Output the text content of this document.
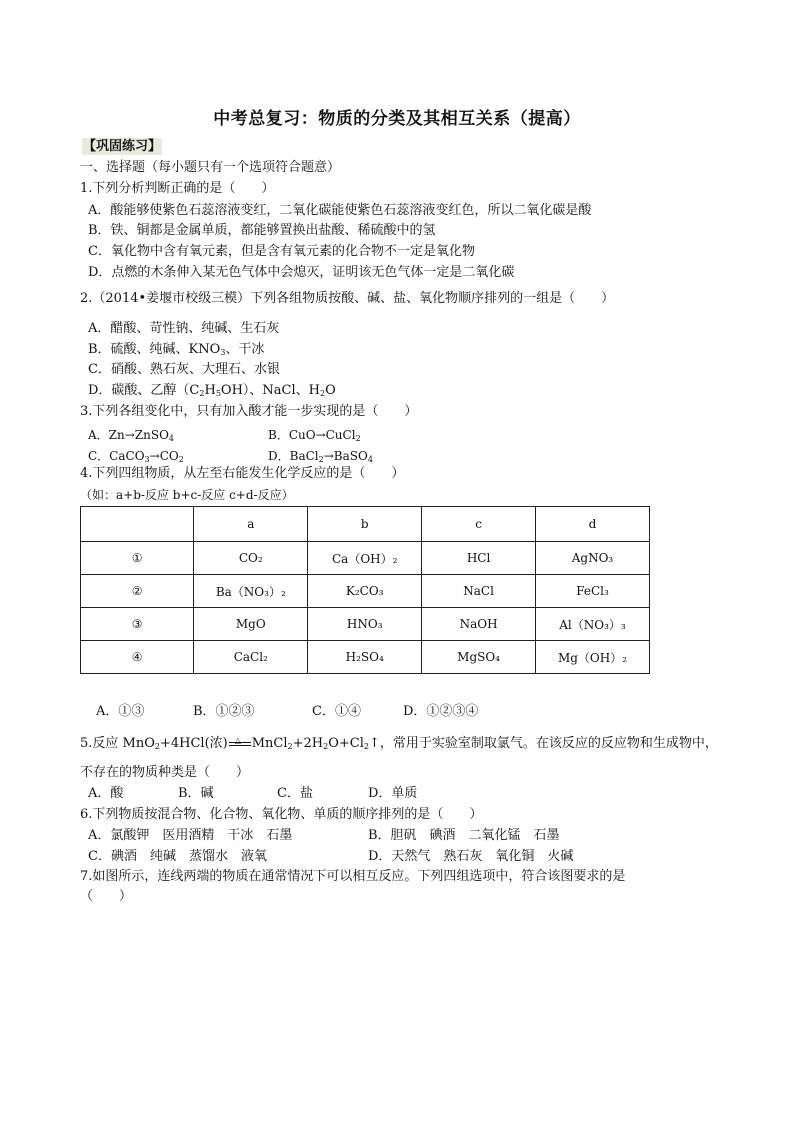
中考总复习：物质的分类及其相互关系（提高）
【巩固练习】
一、选择题（每小题只有一个选项符合题意）
1.下列分析判断正确的是（　　）
A．酸能够使紫色石蕊溶液变红，二氧化碳能使紫色石蕊溶液变红色，所以二氧化碳是酸
B．铁、铜都是金属单质，都能够置换出盐酸、稀硫酸中的氢
C．氧化物中含有氧元素，但是含有氧元素的化合物不一定是氧化物
D．点燃的木条伸入某无色气体中会熄灭，证明该无色气体一定是二氧化碳
2.（2014•姜堰市校级三模）下列各组物质按酸、碱、盐、氧化物顺序排列的一组是（　　）
A．醋酸、苛性钠、纯碱、生石灰
B．硫酸、纯碱、$KNO_3$、干冰
C．硝酸、熟石灰、大理石、水银
D．碳酸、乙醇$(C_2H_5OH)$、NaCl、$H_2O$
3.下列各组变化中，只有加入酸才能一步实现的是（　　）
A．Zn→ZnSO$_4$	B．CuO→CuCl$_2$
C．$CaCO_3\to CO_2$	D．BaCl$_2$→BaSO$_4$
4.下列四组物质，从左至右能发生化学反应的是（　　）
（如：a+b-反应 b+c-反应 c+d-反应）
	a	b	c	d
①	CO₂	Ca（OH）₂	HCl	AgNO₃
②	Ba（NO₃）₂	K₂CO₃	NaCl	FeCl₃
③	MgO	HNO₃	NaOH	Al（NO₃）₃
④	CaCl₂	H₂SO₄	MgSO₄	Mg（OH）₂
A．①③	B．①②③	C．①④	D．①②③④
5.反应 MnO$_2$+4HCl(浓) △ $MnCl_2+2H_2O+Cl_2↑$，常用于实验室制取氯气。在该反应的反应物和生成物中，
不存在的物质种类是（　　）
A．酸	B．碱	C．盐	D．单质
6.下列物质按混合物、化合物、氧化物、单质的顺序排列的是（　　）
A．氯酸钾　医用酒精　干冰　石墨	B．胆矾　碘酒　二氧化锰　石墨
C．碘酒　纯碱　蒸馏水　液氧	D．天然气　熟石灰　氧化铜　火碱
7.如图所示，连线两端的物质在通常情况下可以相互反应。下列四组选项中，符合该图要求的是
（　　）
